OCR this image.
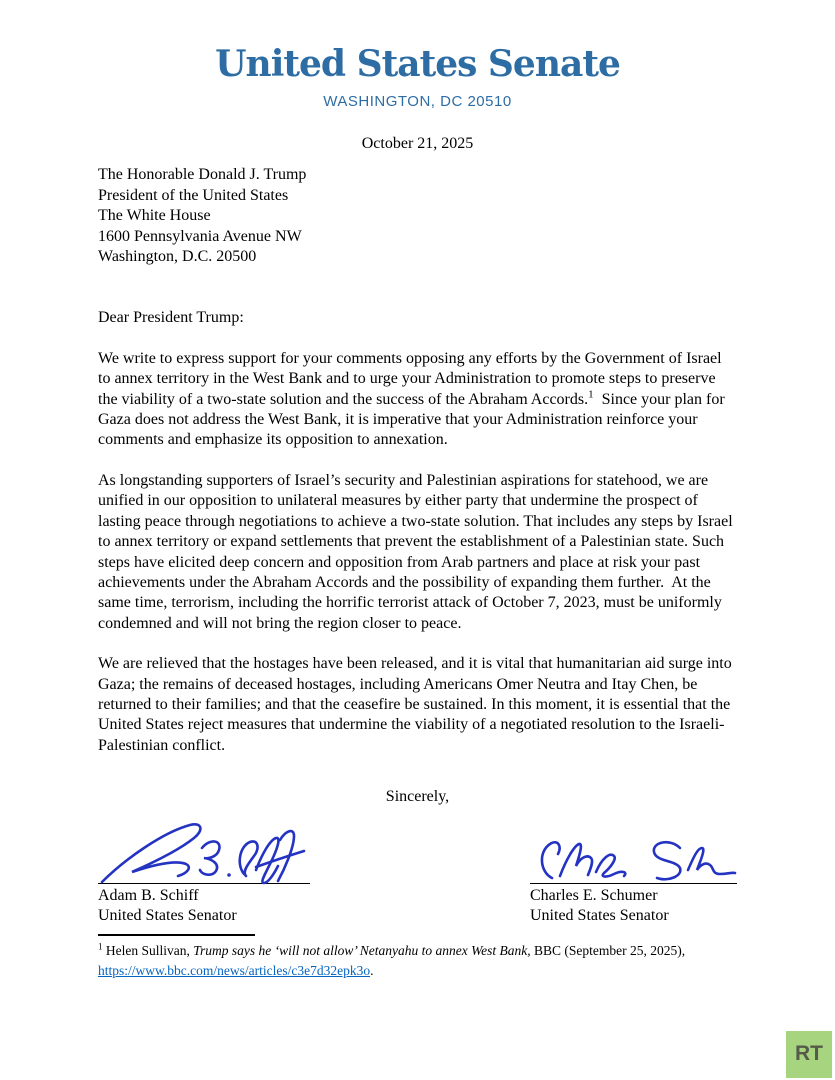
United States Senate
WASHINGTON, DC 20510
October 21, 2025
The Honorable Donald J. Trump
President of the United States
The White House
1600 Pennsylvania Avenue NW
Washington, D.C. 20500

Dear President Trump:

We write to express support for your comments opposing any efforts by the Government of Israel to annex territory in the West Bank and to urge your Administration to promote steps to preserve the viability of a two-state solution and the success of the Abraham Accords.$^1$  Since your plan for Gaza does not address the West Bank, it is imperative that your Administration reinforce your comments and emphasize its opposition to annexation.

As longstanding supporters of Israel’s security and Palestinian aspirations for statehood, we are unified in our opposition to unilateral measures by either party that undermine the prospect of lasting peace through negotiations to achieve a two-state solution. That includes any steps by Israel to annex territory or expand settlements that prevent the establishment of a Palestinian state. Such steps have elicited deep concern and opposition from Arab partners and place at risk your past achievements under the Abraham Accords and the possibility of expanding them further.  At the same time, terrorism, including the horrific terrorist attack of October 7, 2023, must be uniformly condemned and will not bring the region closer to peace.

We are relieved that the hostages have been released, and it is vital that humanitarian aid surge into Gaza; the remains of deceased hostages, including Americans Omer Neutra and Itay Chen, be returned to their families; and that the ceasefire be sustained. In this moment, it is essential that the United States reject measures that undermine the viability of a negotiated resolution to the Israeli-Palestinian conflict.

Sincerely,
Adam B. Schiff
United States Senator
Charles E. Schumer
United States Senator
$^1$ Helen Sullivan, Trump says he ‘will not allow’ Netanyahu to annex West Bank, BBC (September 25, 2025),
https://www.bbc.com/news/articles/c3e7d32epk3o.
RT
